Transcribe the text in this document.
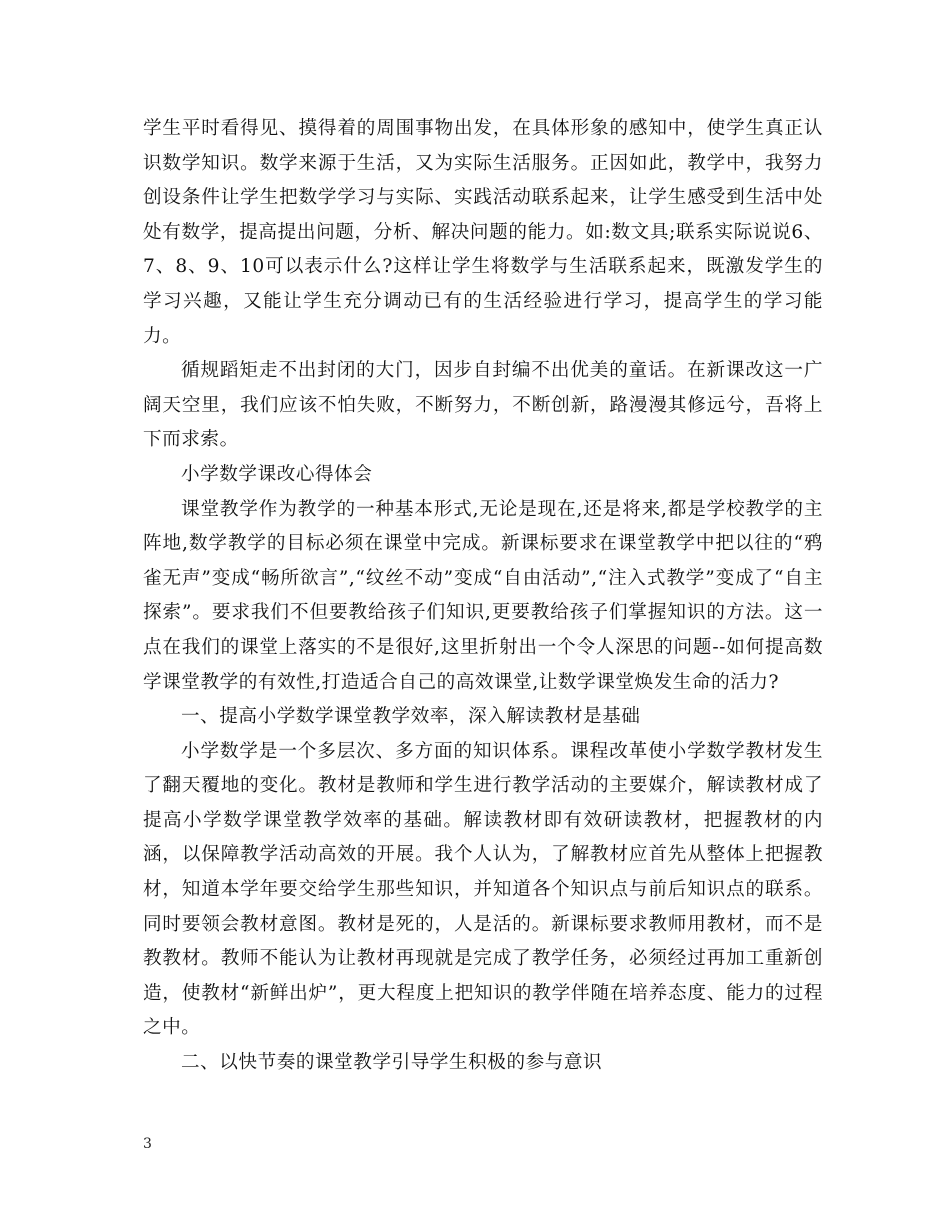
学生平时看得见、摸得着的周围事物出发，在具体形象的感知中，使学生真正认识数学知识。数学来源于生活，又为实际生活服务。正因如此，教学中，我努力创设条件让学生把数学学习与实际、实践活动联系起来，让学生感受到生活中处处有数学，提高提出问题，分析、解决问题的能力。如:数文具;联系实际说说6、7、8、9、10可以表示什么?这样让学生将数学与生活联系起来，既激发学生的学习兴趣，又能让学生充分调动已有的生活经验进行学习，提高学生的学习能力。

循规蹈矩走不出封闭的大门，因步自封编不出优美的童话。在新课改这一广阔天空里，我们应该不怕失败，不断努力，不断创新，路漫漫其修远兮，吾将上下而求索。

小学数学课改心得体会

课堂教学作为教学的一种基本形式,无论是现在,还是将来,都是学校教学的主阵地,数学教学的目标必须在课堂中完成。新课标要求在课堂教学中把以往的“鸦雀无声”变成“畅所欲言”,“纹丝不动”变成“自由活动”,“注入式教学”变成了“自主探索”。要求我们不但要教给孩子们知识,更要教给孩子们掌握知识的方法。这一点在我们的课堂上落实的不是很好,这里折射出一个令人深思的问题--如何提高数学课堂教学的有效性,打造适合自己的高效课堂,让数学课堂焕发生命的活力?

一、提高小学数学课堂教学效率，深入解读教材是基础

小学数学是一个多层次、多方面的知识体系。课程改革使小学数学教材发生了翻天覆地的变化。教材是教师和学生进行教学活动的主要媒介，解读教材成了提高小学数学课堂教学效率的基础。解读教材即有效研读教材，把握教材的内涵，以保障教学活动高效的开展。我个人认为，了解教材应首先从整体上把握教材，知道本学年要交给学生那些知识，并知道各个知识点与前后知识点的联系。同时要领会教材意图。教材是死的，人是活的。新课标要求教师用教材，而不是教教材。教师不能认为让教材再现就是完成了教学任务，必须经过再加工重新创造，使教材“新鲜出炉”，更大程度上把知识的教学伴随在培养态度、能力的过程之中。

二、以快节奏的课堂教学引导学生积极的参与意识

3
